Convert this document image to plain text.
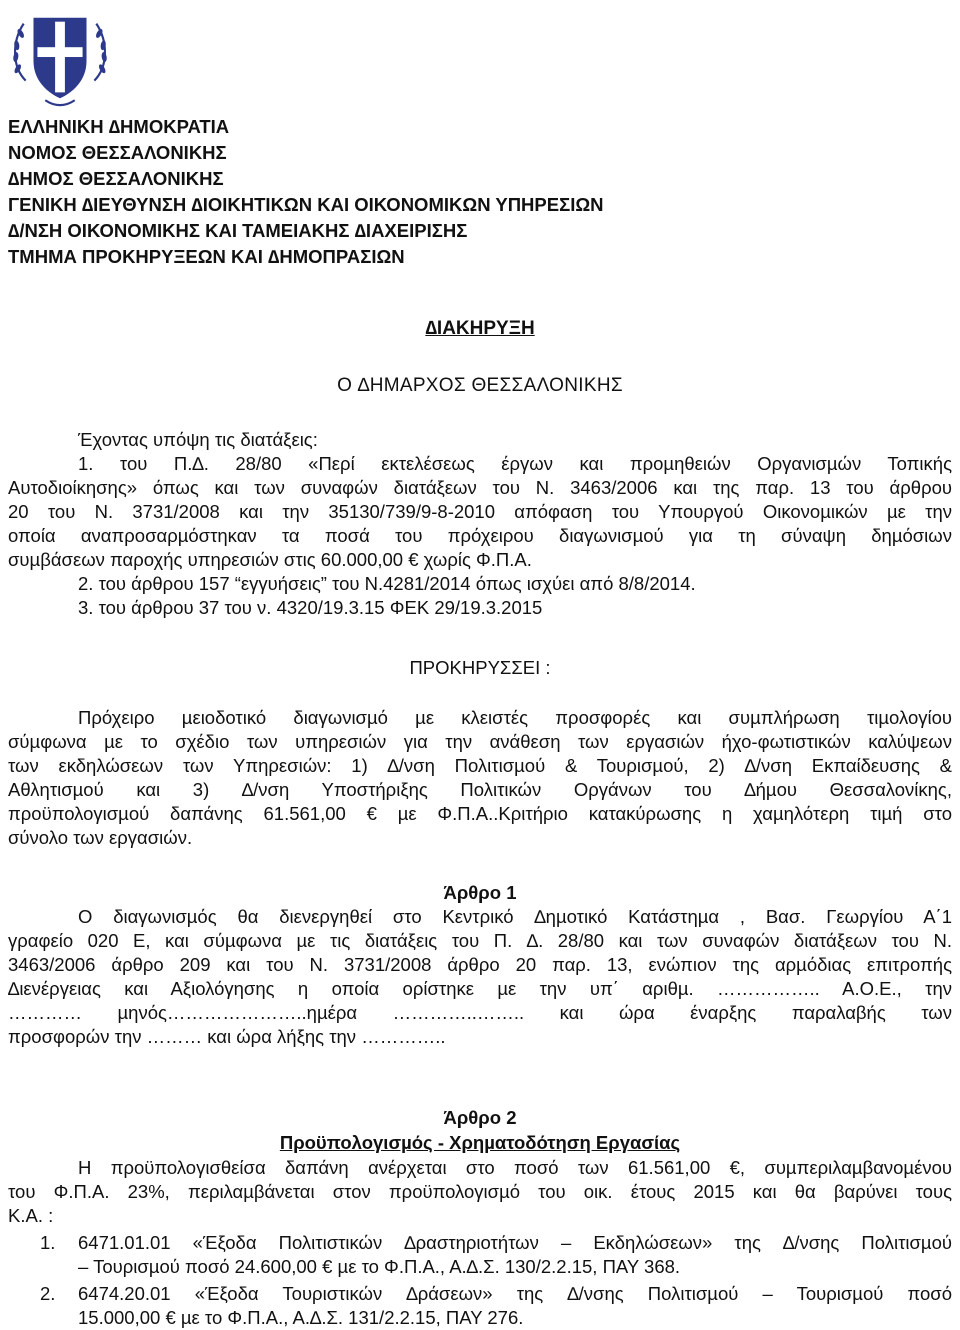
ΕΛΛΗΝΙΚΗ ∆ΗΜΟΚΡΑΤΙΑ
ΝΟΜΟΣ ΘΕΣΣΑΛΟΝΙΚΗΣ
∆ΗΜΟΣ ΘΕΣΣΑΛΟΝΙΚΗΣ
ΓΕΝΙΚΗ ∆ΙΕΥΘΥΝΣΗ ∆ΙΟΙΚΗΤΙΚΩΝ ΚΑΙ ΟΙΚΟΝΟΜΙΚΩΝ ΥΠΗΡΕΣΙΩΝ
∆/ΝΣΗ ΟΙΚΟΝΟΜΙΚΗΣ ΚΑΙ ΤΑΜΕΙΑΚΗΣ ∆ΙΑΧΕΙΡΙΣΗΣ
ΤΜΗΜΑ ΠΡΟΚΗΡΥΞΕΩΝ ΚΑΙ ∆ΗΜΟΠΡΑΣΙΩΝ
∆ΙΑΚΗΡΥΞΗ
Ο ∆ΗΜΑΡΧΟΣ ΘΕΣΣΑΛΟΝΙΚΗΣ
Έχοντας υπόψη τις διατάξεις:
1. του Π.∆. 28/80 «Περί εκτελέσεως έργων και προµηθειών Οργανισµών Τοπικής
Αυτοδιοίκησης» όπως και των συναφών διατάξεων του Ν. 3463/2006 και της παρ. 13 του άρθρου
20 του Ν. 3731/2008 και την 35130/739/9-8-2010 απόφαση του Υπουργού Οικονοµικών µε την
οποία αναπροσαρµόστηκαν τα ποσά του πρόχειρου διαγωνισµού για τη σύναψη δηµόσιων
συµβάσεων παροχής υπηρεσιών στις 60.000,00 € χωρίς Φ.Π.Α.
2. του άρθρου 157 “εγγυήσεις” του Ν.4281/2014 όπως ισχύει από 8/8/2014.
3. του άρθρου 37 του ν. 4320/19.3.15 ΦΕΚ 29/19.3.2015
ΠΡΟΚΗΡΥΣΣΕΙ :
Πρόχειρο µειοδοτικό διαγωνισµό µε κλειστές προσφορές και συµπλήρωση τιµολογίου
σύµφωνα µε το σχέδιο των υπηρεσιών για την ανάθεση των εργασιών ήχο-φωτιστικών καλύψεων
των εκδηλώσεων των Υπηρεσιών: 1) ∆/νση Πολιτισµού & Τουρισµού, 2) ∆/νση Εκπαίδευσης &
Αθλητισµού και 3) ∆/νση Υποστήριξης Πολιτικών Οργάνων του ∆ήµου Θεσσαλονίκης,
προϋπολογισµού δαπάνης 61.561,00 € µε Φ.Π.Α..Κριτήριο κατακύρωσης η χαµηλότερη τιµή στο
σύνολο των εργασιών.
Άρθρο 1
Ο διαγωνισµός θα διενεργηθεί στο Κεντρικό ∆ηµοτικό Κατάστηµα , Βασ. Γεωργίου Α΄1
γραφείο 020 Ε, και σύµφωνα µε τις διατάξεις του Π. ∆. 28/80 και των συναφών διατάξεων του Ν.
3463/2006 άρθρο 209 και του Ν. 3731/2008 άρθρο 20 παρ. 13, ενώπιον της αρµόδιας επιτροπής
∆ιενέργειας και Αξιολόγησης η οποία ορίστηκε µε την υπ΄ αριθµ. …………….. Α.Ο.Ε., την
………… µηνός…………………..ηµέρα …………..…….. και ώρα έναρξης παραλαβής των
προσφορών την ……… και ώρα λήξης την …………..
Άρθρο 2
Προϋπολογισµός - Χρηµατοδότηση Εργασίας
Η προϋπολογισθείσα δαπάνη ανέρχεται στο ποσό των 61.561,00 €, συµπεριλαµβανοµένου
του Φ.Π.Α. 23%, περιλαµβάνεται στον προϋπολογισµό του οικ. έτους 2015 και θα βαρύνει τους
Κ.Α. :
1. 6471.01.01 «Έξοδα Πολιτιστικών ∆ραστηριοτήτων – Εκδηλώσεων» της ∆/νσης Πολιτισµού
– Τουρισµού ποσό 24.600,00 € µε το Φ.Π.Α., Α.∆.Σ. 130/2.2.15, ΠΑΥ 368.
2. 6474.20.01 «Έξοδα Τουριστικών ∆ράσεων» της ∆/νσης Πολιτισµού – Τουρισµού ποσό
15.000,00 € µε το Φ.Π.Α., Α.∆.Σ. 131/2.2.15, ΠΑΥ 276.
